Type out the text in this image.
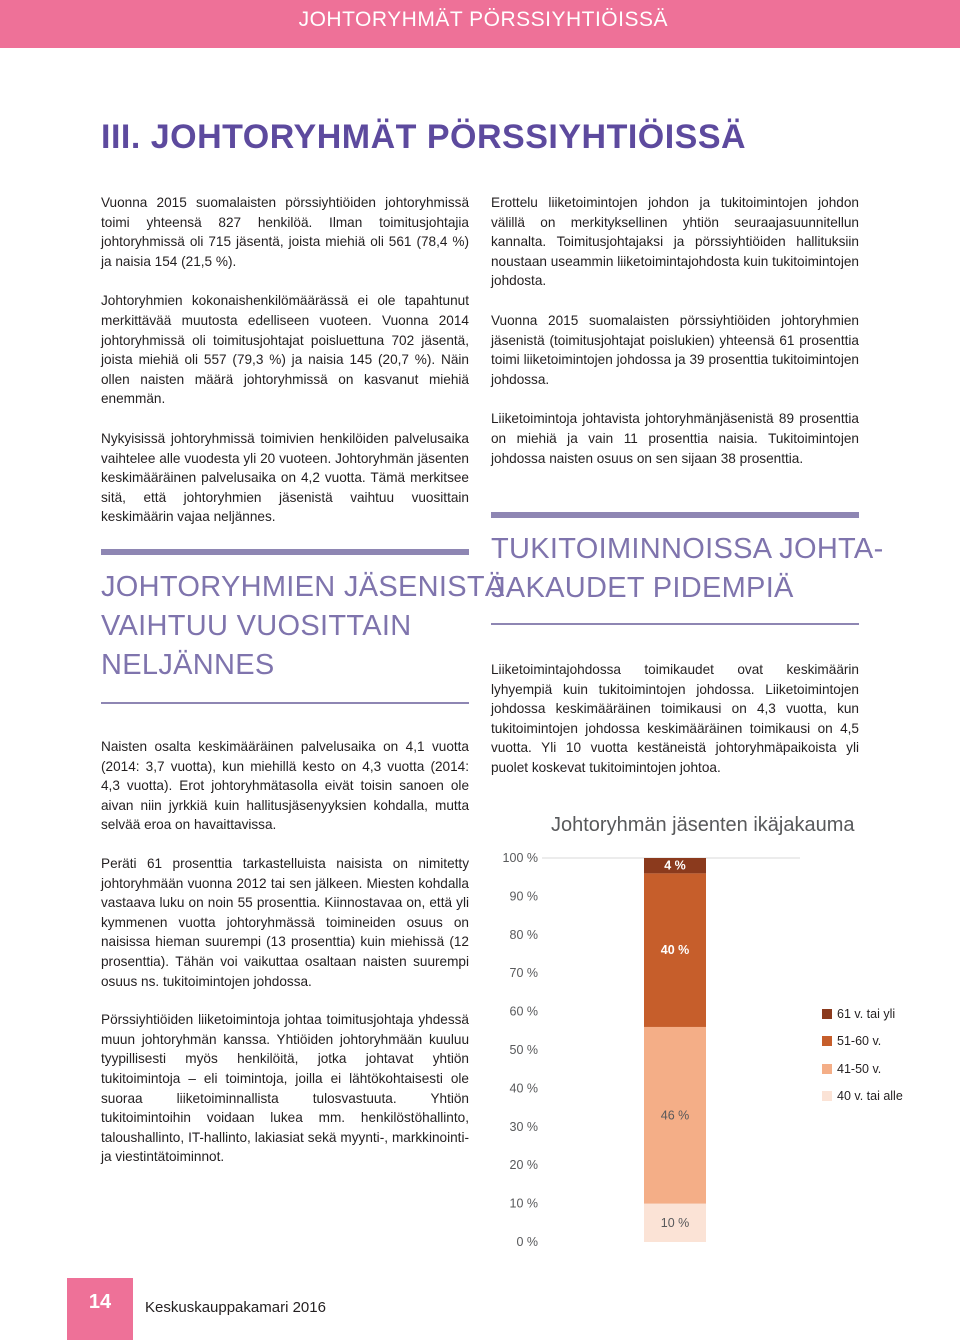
JOHTORYHMÄT PÖRSSIYHTIÖISSÄ
III. JOHTORYHMÄT PÖRSSIYHTIÖISSÄ

Vuonna 2015 suomalaisten pörssiyhtiöiden johtoryhmissä toimi yhteensä 827 henkilöä. Ilman toimitusjohtajia johtoryhmissä oli 715 jäsentä, joista miehiä oli 561 (78,4 %) ja naisia 154 (21,5 %).

Johtoryhmien kokonaishenkilömäärässä ei ole tapahtunut merkittävää muutosta edelliseen vuoteen. Vuonna 2014 johtoryhmissä oli toimitusjohtajat poisluettuna 702 jäsentä, joista miehiä oli 557 (79,3 %) ja naisia 145 (20,7 %). Näin ollen naisten määrä johtoryhmissä on kasvanut miehiä enemmän.

Nykyisissä johtoryhmissä toimivien henkilöiden palvelusaika vaihtelee alle vuodesta yli 20 vuoteen. Johtoryhmän jäsenten keskimääräinen palvelusaika on 4,2 vuotta. Tämä merkitsee sitä, että johtoryhmien jäsenistä vaihtuu vuosittain keskimäärin vajaa neljännes.

JOHTORYHMIEN JÄSENISTÄ
VAIHTUU VUOSITTAIN
NELJÄNNES

Naisten osalta keskimääräinen palvelusaika on 4,1 vuotta (2014: 3,7 vuotta), kun miehillä kesto on 4,3 vuotta (2014: 4,3 vuotta). Erot johtoryhmätasolla eivät toisin sanoen ole aivan niin jyrkkiä kuin hallitusjäsenyyksien kohdalla, mutta selvää eroa on havaittavissa.

Peräti 61 prosenttia tarkastelluista naisista on nimitetty johtoryhmään vuonna 2012 tai sen jälkeen. Miesten kohdalla vastaava luku on noin 55 prosenttia. Kiinnostavaa on, että yli kymmenen vuotta johtoryhmässä toimineiden osuus on naisissa hieman suurempi (13 prosenttia) kuin miehissä (12 prosenttia). Tähän voi vaikuttaa osaltaan naisten suurempi osuus ns. tukitoimintojen johdossa.

Pörssiyhtiöiden liiketoimintoja johtaa toimitusjohtaja yhdessä muun johtoryhmän kanssa. Yhtiöiden johtoryhmään kuuluu tyypillisesti myös henkilöitä, jotka johtavat yhtiön tukitoimintoja – eli toimintoja, joilla ei lähtökohtaisesti ole suoraa liiketoiminnallista tulosvastuuta. Yhtiön tukitoimintoihin voidaan lukea mm. henkilöstöhallinto, taloushallinto, IT-hallinto, lakiasiat sekä myynti-, markkinointi- ja viestintätoiminnot.

Erottelu liiketoimintojen johdon ja tukitoimintojen johdon välillä on merkityksellinen yhtiön seuraajasuunnitellun kannalta. Toimitusjohtajaksi ja pörssiyhtiöiden hallituksiin noustaan useammin liiketoimintajohdosta kuin tukitoimintojen johdosta.

Vuonna 2015 suomalaisten pörssiyhtiöiden johtoryhmien jäsenistä (toimitusjohtajat poislukien) yhteensä 61 prosenttia toimi liiketoimintojen johdossa ja 39 prosenttia tukitoimintojen johdossa.

Liiketoimintoja johtavista johtoryhmänjäsenistä 89 prosenttia on miehiä ja vain 11 prosenttia naisia. Tukitoimintojen johdossa naisten osuus on sen sijaan 38 prosenttia.

TUKITOIMINNOISSA JOHTA-
JAKAUDET PIDEMPIÄ

Liiketoimintajohdossa toimikaudet ovat keskimäärin lyhyempiä kuin tukitoimintojen johdossa. Liiketoimintojen johdossa keskimääräinen toimikausi on 4,3 vuotta, kun tukitoimintojen johdossa keskimääräinen toimikausi on 4,5 vuotta. Yli 10 vuotta kestäneistä johtoryhmäpaikoista yli puolet koskevat tukitoimintojen johtoa.

Johtoryhmän jäsenten ikäjakauma
0 %
10 %
20 %
30 %
40 %
50 %
60 %
70 %
80 %
90 %
100 %
10 %
46 %
40 %
4 %
61 v. tai yli
51-60 v.
41-50 v.
40 v. tai alle
14	Keskuskauppakamari 2016
